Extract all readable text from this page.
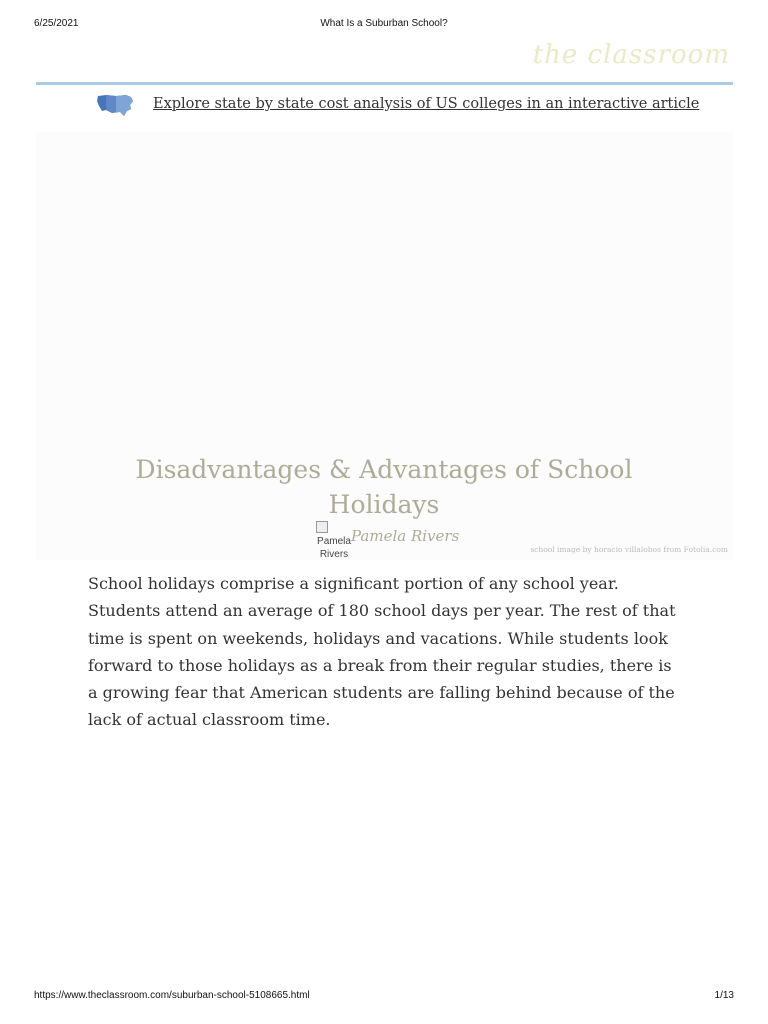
6/25/2021	What Is a Suburban School?
the classroom
Explore state by state cost analysis of US colleges in an interactive article
Disadvantages & Advantages of School Holidays
Pamela Rivers
Pamela Rivers
school image by horacio villalobos from Fotolia.com

School holidays comprise a significant portion of any school year. Students attend an average of 180 school days per year. The rest of that time is spent on weekends, holidays and vacations. While students look forward to those holidays as a break from their regular studies, there is a growing fear that American students are falling behind because of the lack of actual classroom time.

https://www.theclassroom.com/suburban-school-5108665.html	1/13
